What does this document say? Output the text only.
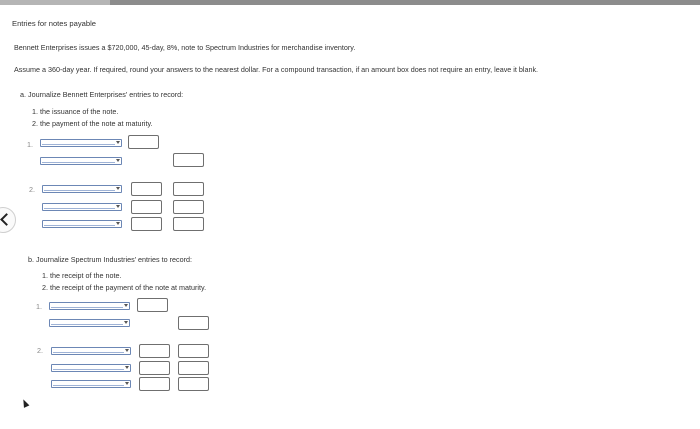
Entries for notes payable
Bennett Enterprises issues a $720,000, 45-day, 8%, note to Spectrum Industries for merchandise inventory.
Assume a 360-day year. If required, round your answers to the nearest dollar. For a compound transaction, if an amount box does not require an entry, leave it blank.
a. Journalize Bennett Enterprises' entries to record:
1. the issuance of the note.
2. the payment of the note at maturity.
1.
2.
b. Journalize Spectrum Industries' entries to record:
1. the receipt of the note.
2. the receipt of the payment of the note at maturity.
1.
2.
